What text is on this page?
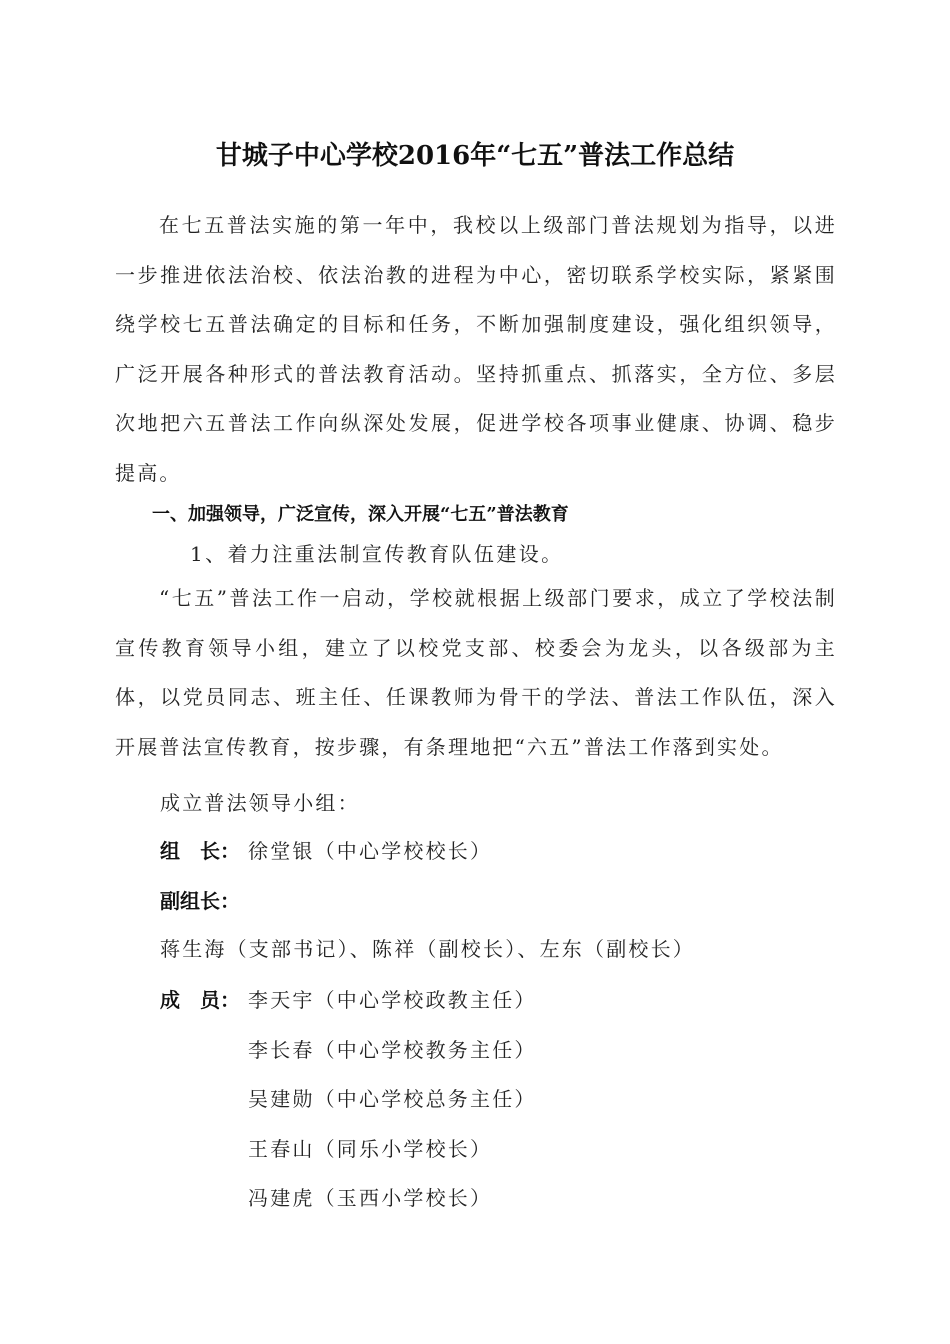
甘城子中心学校2016年“七五”普法工作总结
在七五普法实施的第一年中，我校以上级部门普法规划为指导，以进一步推进依法治校、依法治教的进程为中心，密切联系学校实际，紧紧围绕学校七五普法确定的目标和任务，不断加强制度建设，强化组织领导，广泛开展各种形式的普法教育活动。坚持抓重点、抓落实，全方位、多层次地把六五普法工作向纵深处发展，促进学校各项事业健康、协调、稳步提高。
一、加强领导，广泛宣传，深入开展“七五”普法教育
1、着力注重法制宣传教育队伍建设。
“七五”普法工作一启动，学校就根据上级部门要求，成立了学校法制宣传教育领导小组，建立了以校党支部、校委会为龙头，以各级部为主体，以党员同志、班主任、任课教师为骨干的学法、普法工作队伍，深入开展普法宣传教育，按步骤，有条理地把“六五”普法工作落到实处。
成立普法领导小组：
组　长： 徐堂银（中心学校校长）
副组长：
蒋生海（支部书记）、陈祥（副校长）、左东（副校长）
成　员： 李天宇（中心学校政教主任）
李长春（中心学校教务主任）
吴建勋（中心学校总务主任）
王春山（同乐小学校长）
冯建虎（玉西小学校长）
